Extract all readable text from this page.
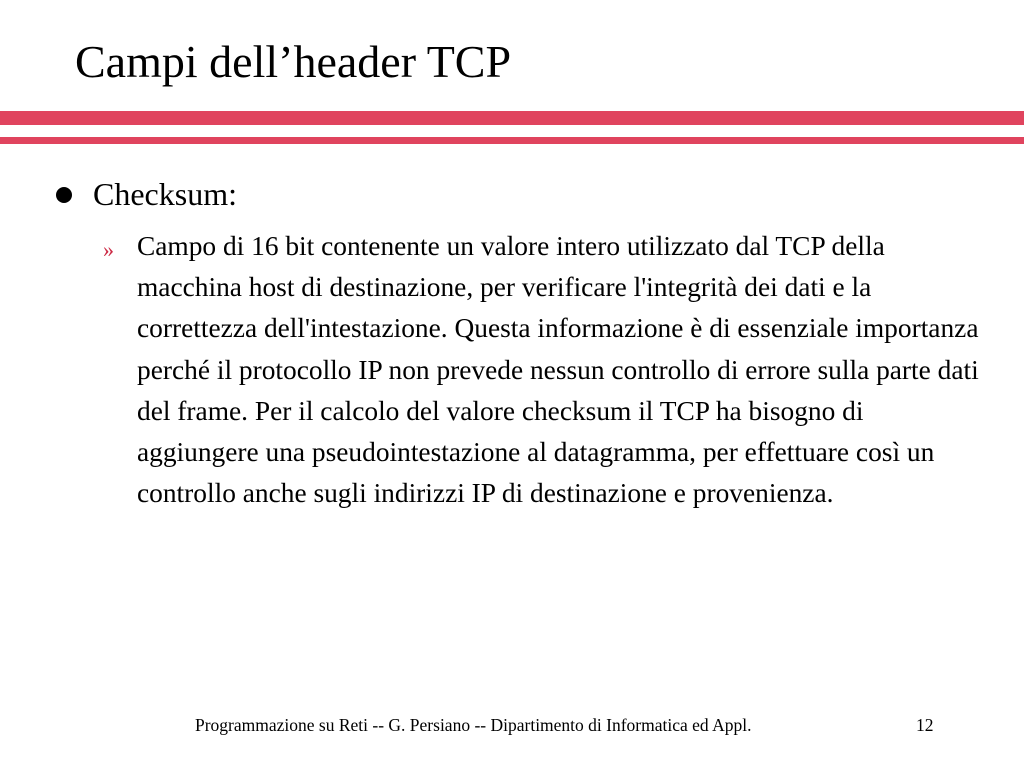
Campi dell’header TCP
Checksum:
» Campo di 16 bit contenente un valore intero utilizzato dal TCP della macchina host di destinazione, per verificare l'integrità dei dati e la correttezza dell'intestazione. Questa informazione è di essenziale importanza perché il protocollo IP non prevede nessun controllo di errore sulla parte dati del frame. Per il calcolo del valore checksum il TCP ha bisogno di aggiungere una pseudointestazione al datagramma, per effettuare così un controllo anche sugli indirizzi IP di destinazione e provenienza.
Programmazione su Reti -- G. Persiano -- Dipartimento di Informatica ed Appl.	12
